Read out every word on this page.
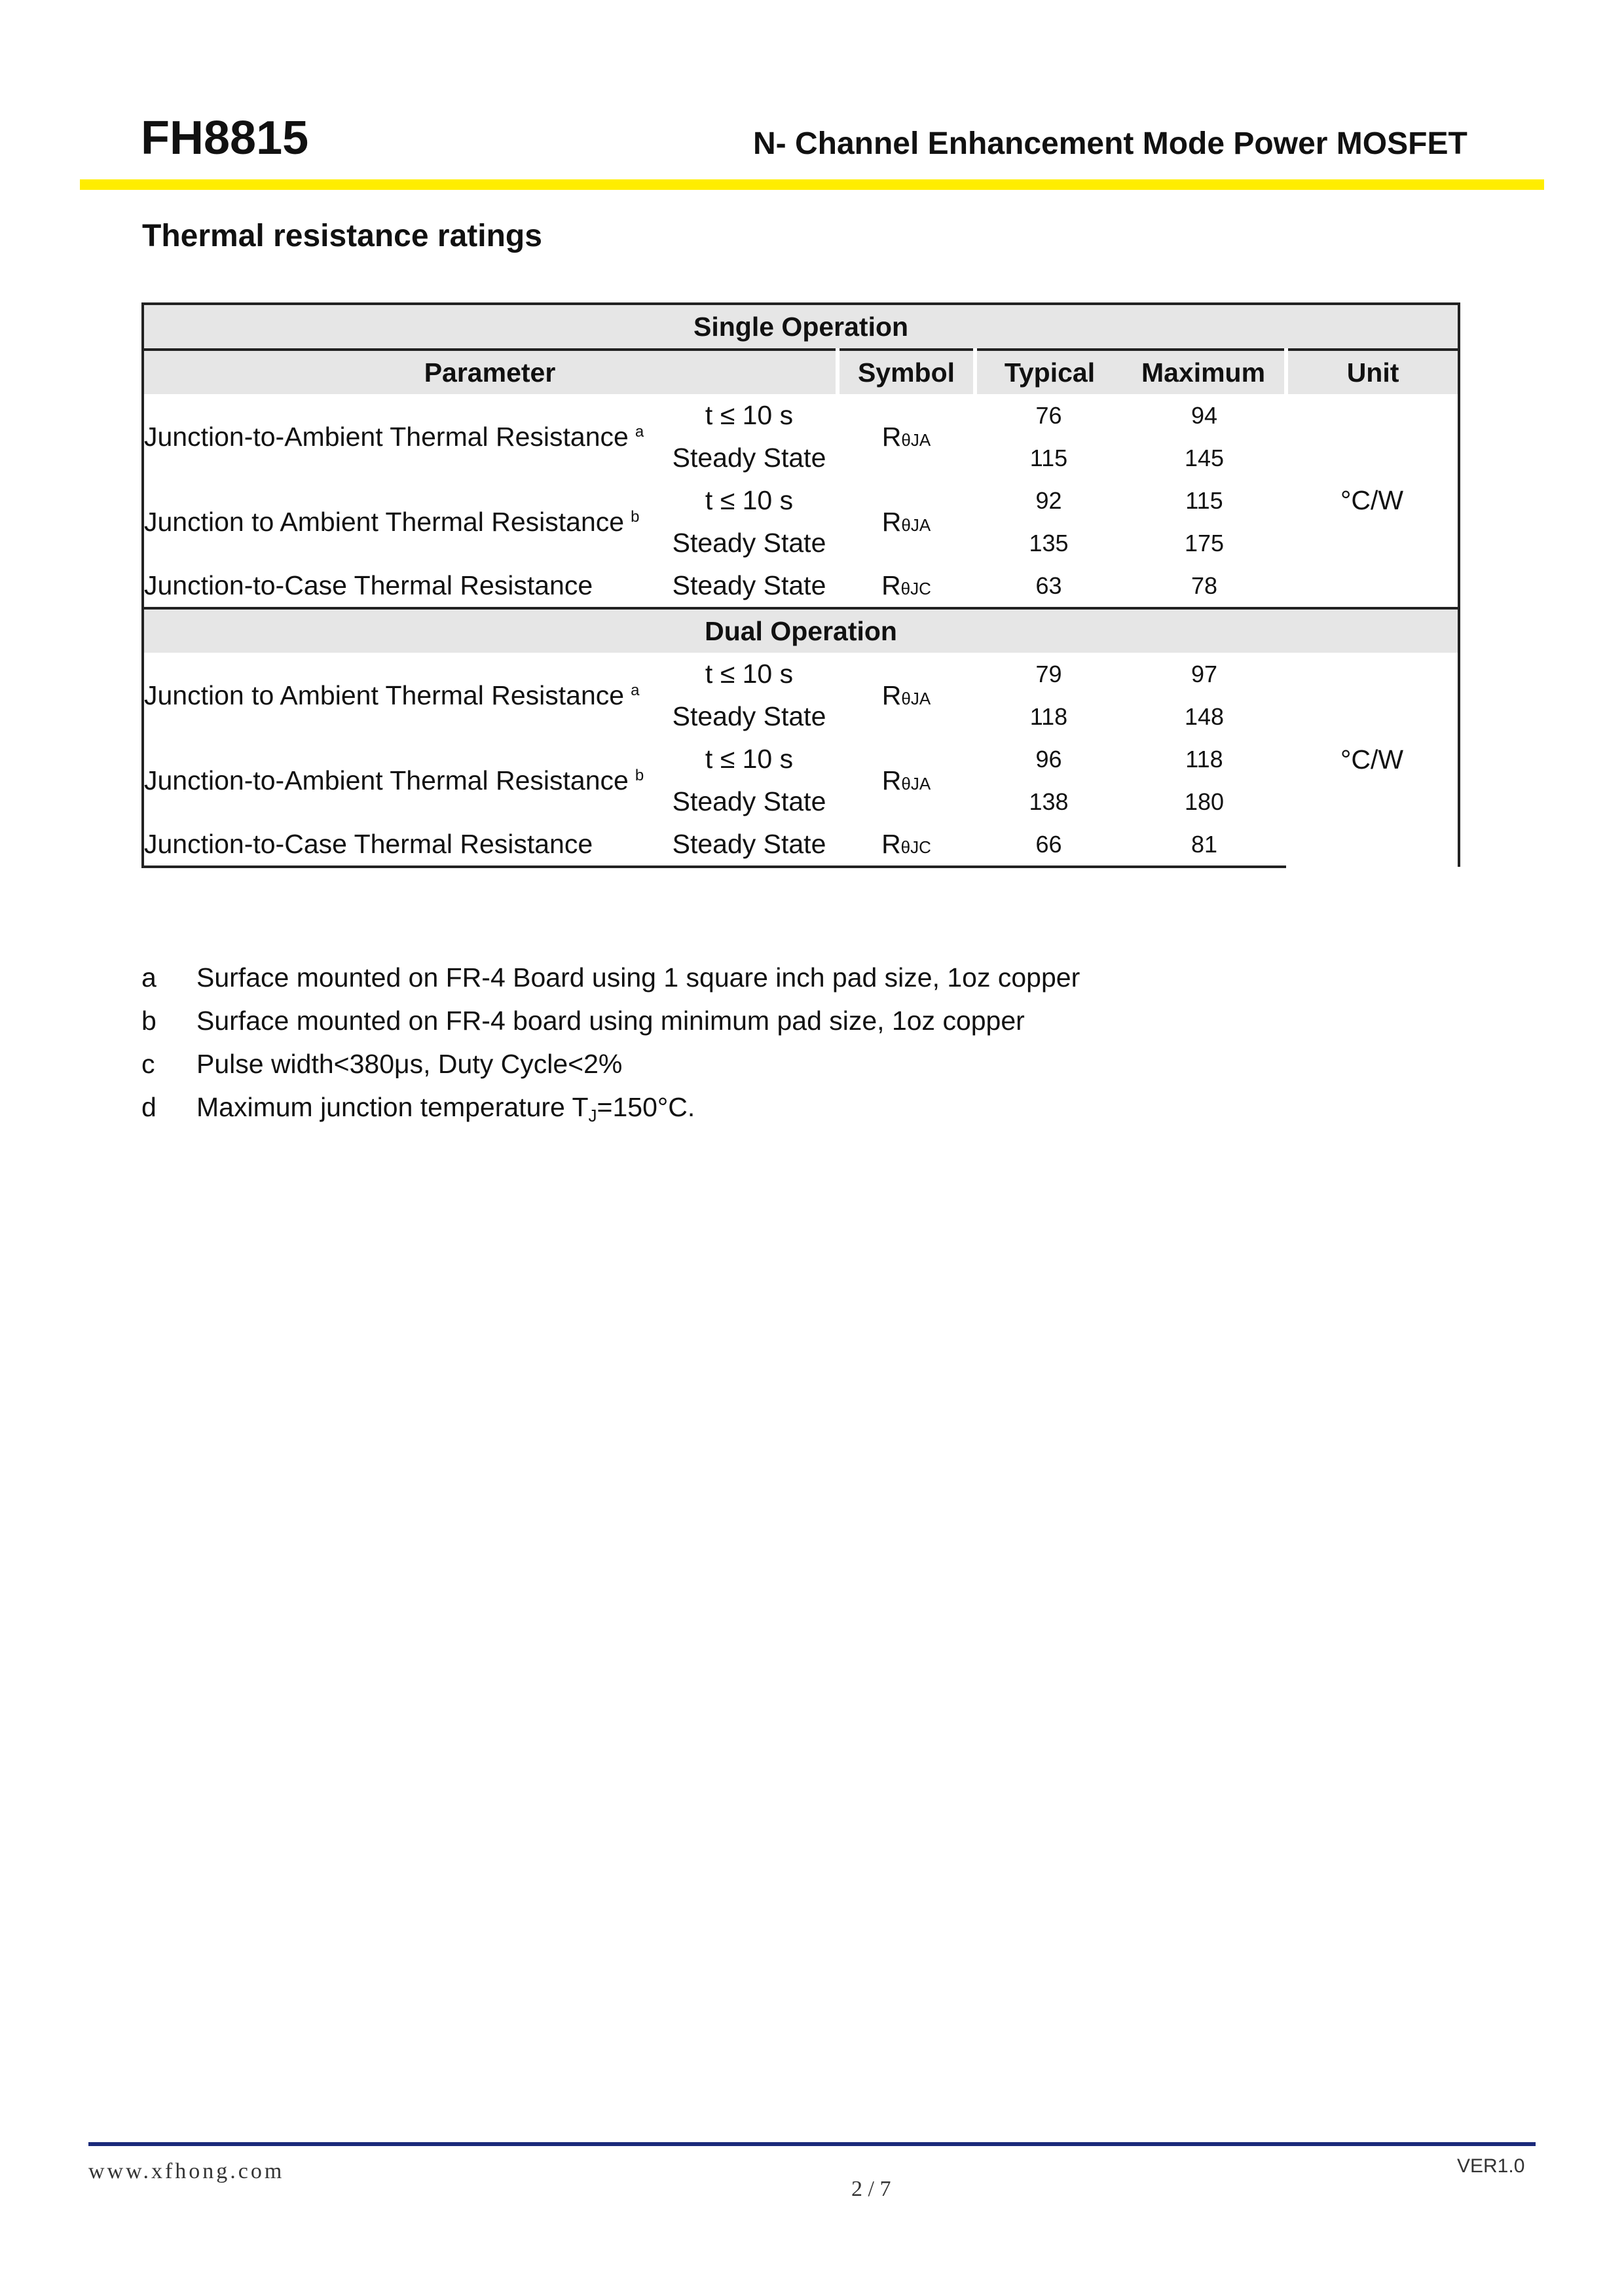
FH8815	N- Channel Enhancement Mode Power MOSFET
Thermal resistance ratings
Single Operation					
Parameter		Symbol	Typical	Maximum	Unit
Junction-to-Ambient Thermal Resistance $^a$	t ≤ 10 s	RθJA	76	94	°C/W
	Steady State		115	145	
Junction to Ambient Thermal Resistance $^b$	t ≤ 10 s	RθJA	92	115	
	Steady State		135	175	
Junction-to-Case Thermal Resistance	Steady State	RθJC	63	78	
Dual Operation					
Junction to Ambient Thermal Resistance $^a$	t ≤ 10 s	RθJA	79	97	°C/W
	Steady State		118	148	
Junction-to-Ambient Thermal Resistance $^b$	t ≤ 10 s	RθJA	96	118	
	Steady State		138	180	
Junction-to-Case Thermal Resistance	Steady State	RθJC	66	81	
a Surface mounted on FR-4 Board using 1 square inch pad size, 1oz copper
b Surface mounted on FR-4 board using minimum pad size, 1oz copper
c Pulse width<380μs, Duty Cycle<2%
d Maximum junction temperature TJ=150°C.
www.xfhong.com
2 / 7
VER1.0
